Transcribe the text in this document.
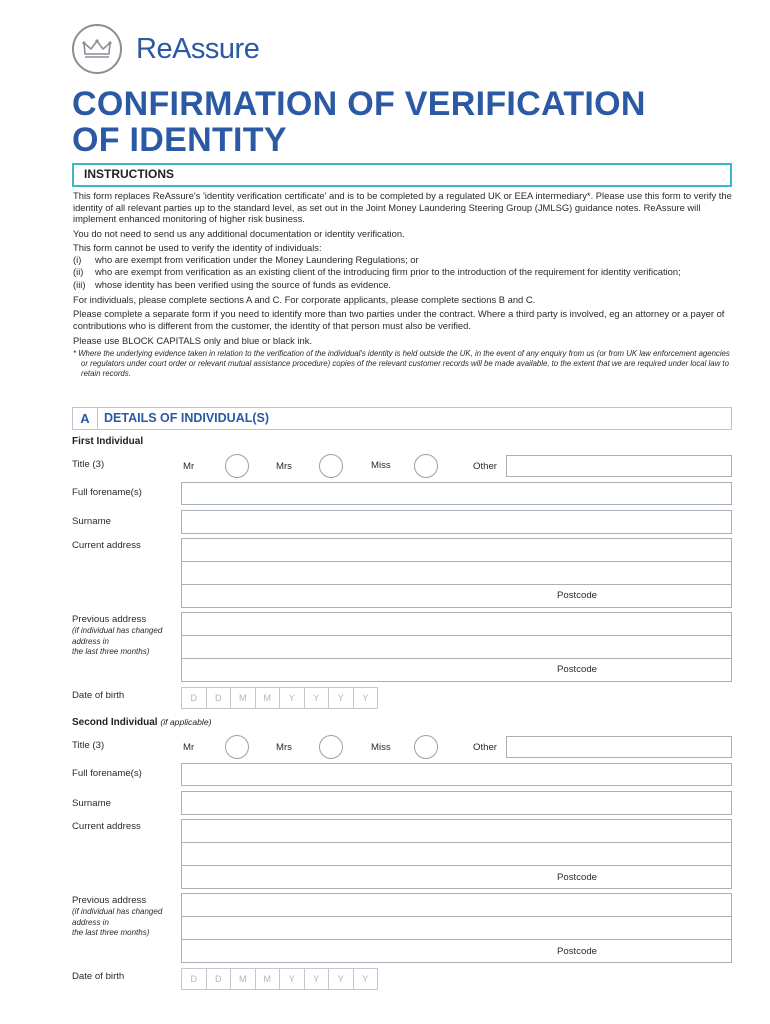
ReAssure
CONFIRMATION OF VERIFICATION
OF IDENTITY
INSTRUCTIONS

This form replaces ReAssure's 'identity verification certificate' and is to be completed by a regulated UK or EEA intermediary*. Please use this form to verify the identity of all relevant parties up to the standard level, as set out in the Joint Money Laundering Steering Group (JMLSG) guidance notes. ReAssure will implement enhanced monitoring of higher risk business.

You do not need to send us any additional documentation or identity verification.

This form cannot be used to verify the identity of individuals:

(i)	who are exempt from verification under the Money Laundering Regulations; or
(ii)	who are exempt from verification as an existing client of the introducing firm prior to the introduction of the requirement for identity verification;
(iii)	whose identity has been verified using the source of funds as evidence.

For individuals, please complete sections A and C. For corporate applicants, please complete sections B and C.

Please complete a separate form if you need to identify more than two parties under the contract. Where a third party is involved, eg an attorney or a payer of contributions who is different from the customer, the identity of that person must also be verified.

Please use BLOCK CAPITALS only and blue or black ink.

* Where the underlying evidence taken in relation to the verification of the individual's identity is held outside the UK, in the event of any enquiry from us (or from UK law enforcement agencies or regulators under court order or relevant mutual assistance procedure) copies of the relevant customer records will be made available, to the extent that we are required under local law to retain records.

A	DETAILS OF INDIVIDUAL(S)
First Individual
Title (3)	Mr	Mrs	Miss	Other
Full forename(s)
Surname
Current address
Postcode
Previous address
(if individual has changed
address in
the last three months)
Postcode
Date of birth	D	D	M	M	Y	Y	Y	Y
Second Individual (if applicable)
Title (3)	Mr	Mrs	Miss	Other
Full forename(s)
Surname
Current address
Postcode
Previous address
(if individual has changed
address in
the last three months)
Postcode
Date of birth	D	D	M	M	Y	Y	Y	Y
